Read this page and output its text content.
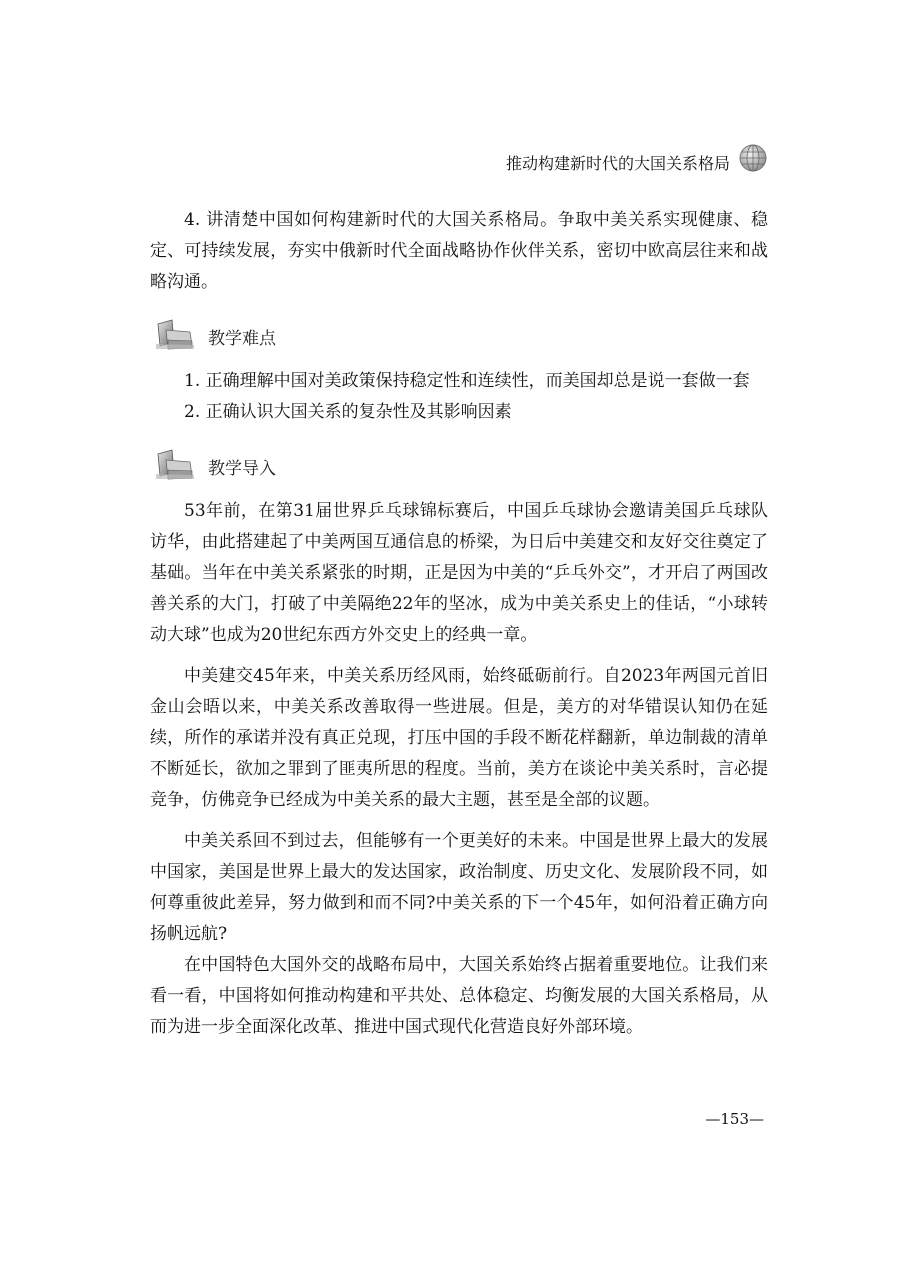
推动构建新时代的大国关系格局

4. 讲清楚中国如何构建新时代的大国关系格局。争取中美关系实现健康、稳定、可持续发展，夯实中俄新时代全面战略协作伙伴关系，密切中欧高层往来和战略沟通。

教学难点

1. 正确理解中国对美政策保持稳定性和连续性，而美国却总是说一套做一套

2. 正确认识大国关系的复杂性及其影响因素

教学导入

53年前，在第31届世界乒乓球锦标赛后，中国乒乓球协会邀请美国乒乓球队访华，由此搭建起了中美两国互通信息的桥梁，为日后中美建交和友好交往奠定了基础。当年在中美关系紧张的时期，正是因为中美的“乒乓外交”，才开启了两国改善关系的大门，打破了中美隔绝22年的坚冰，成为中美关系史上的佳话，“小球转动大球”也成为20世纪东西方外交史上的经典一章。

中美建交45年来，中美关系历经风雨，始终砥砺前行。自2023年两国元首旧金山会晤以来，中美关系改善取得一些进展。但是，美方的对华错误认知仍在延续，所作的承诺并没有真正兑现，打压中国的手段不断花样翻新，单边制裁的清单不断延长，欲加之罪到了匪夷所思的程度。当前，美方在谈论中美关系时，言必提竞争，仿佛竞争已经成为中美关系的最大主题，甚至是全部的议题。

中美关系回不到过去，但能够有一个更美好的未来。中国是世界上最大的发展中国家，美国是世界上最大的发达国家，政治制度、历史文化、发展阶段不同，如何尊重彼此差异，努力做到和而不同?中美关系的下一个45年，如何沿着正确方向扬帆远航?

在中国特色大国外交的战略布局中，大国关系始终占据着重要地位。让我们来看一看，中国将如何推动构建和平共处、总体稳定、均衡发展的大国关系格局，从而为进一步全面深化改革、推进中国式现代化营造良好外部环境。

—153—
